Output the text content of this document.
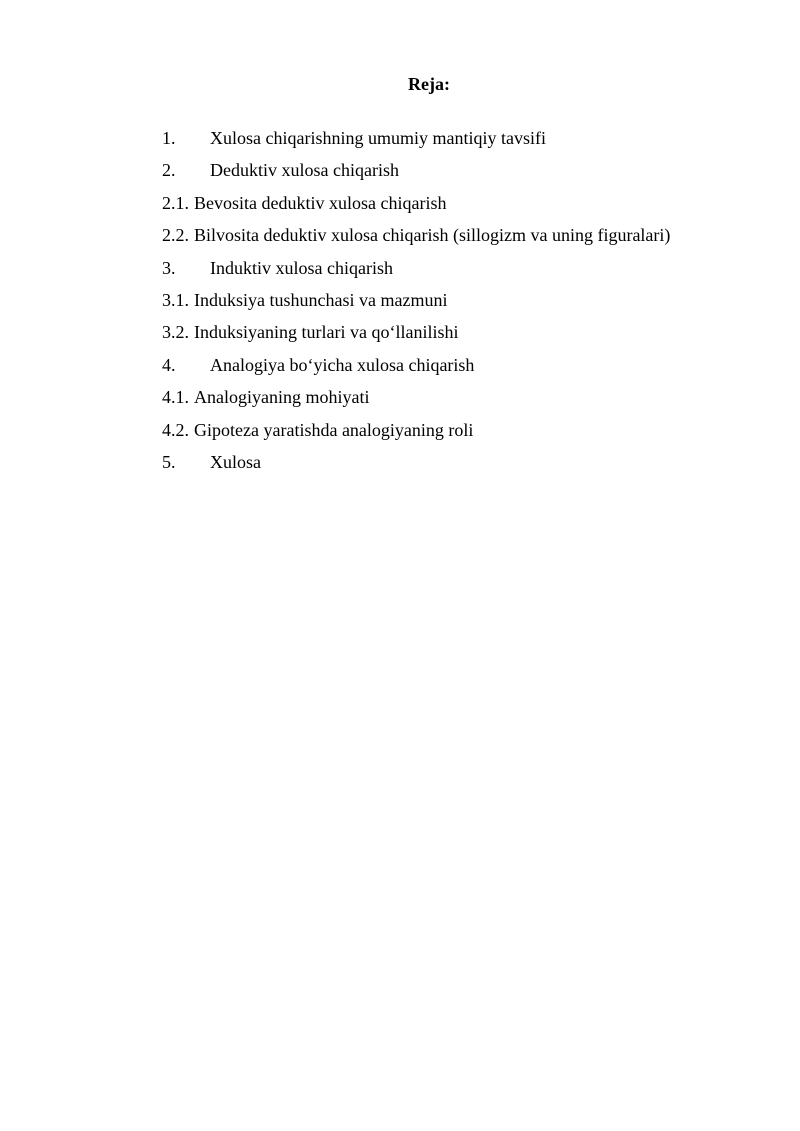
Reja:
1. Xulosa chiqarishning umumiy mantiqiy tavsifi
2. Deduktiv xulosa chiqarish
2.1. Bevosita deduktiv xulosa chiqarish
2.2. Bilvosita deduktiv xulosa chiqarish (sillogizm va uning figuralari)
3. Induktiv xulosa chiqarish
3.1. Induksiya tushunchasi va mazmuni
3.2. Induksiyaning turlari va qo‘llanilishi
4. Analogiya bo‘yicha xulosa chiqarish
4.1. Analogiyaning mohiyati
4.2. Gipoteza yaratishda analogiyaning roli
5. Xulosa
